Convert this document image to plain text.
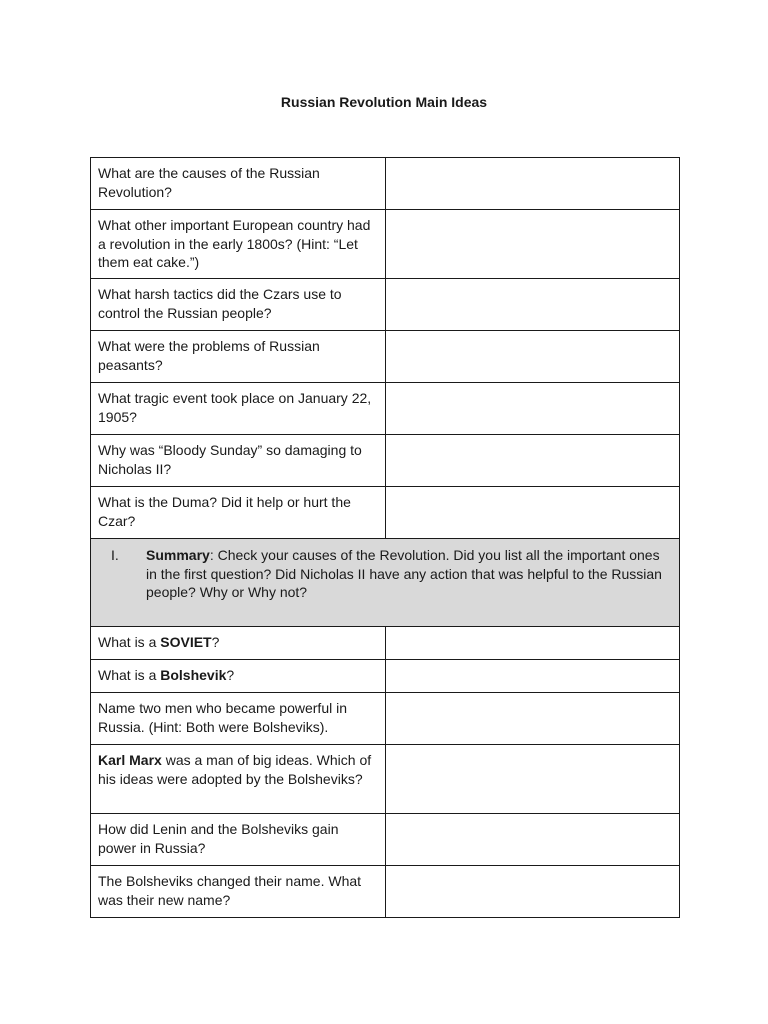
Russian Revolution Main Ideas
What are the causes of the Russian Revolution?	
What other important European country had a revolution in the early 1800s? (Hint: “Let them eat cake.”)	
What harsh tactics did the Czars use to control the Russian people?	
What were the problems of Russian peasants?	
What tragic event took place on January 22, 1905?	
Why was “Bloody Sunday” so damaging to Nicholas II?	
What is the Duma? Did it help or hurt the Czar?	

I. Summary: Check your causes of the Revolution. Did you list all the important ones in the first question? Did Nicholas II have any action that was helpful to the Russian people? Why or Why not?	

What is a SOVIET?	
What is a Bolshevik?	
Name two men who became powerful in Russia. (Hint: Both were Bolsheviks).	
Karl Marx was a man of big ideas. Which of his ideas were adopted by the Bolsheviks?	
How did Lenin and the Bolsheviks gain power in Russia?	
The Bolsheviks changed their name. What was their new name?	
